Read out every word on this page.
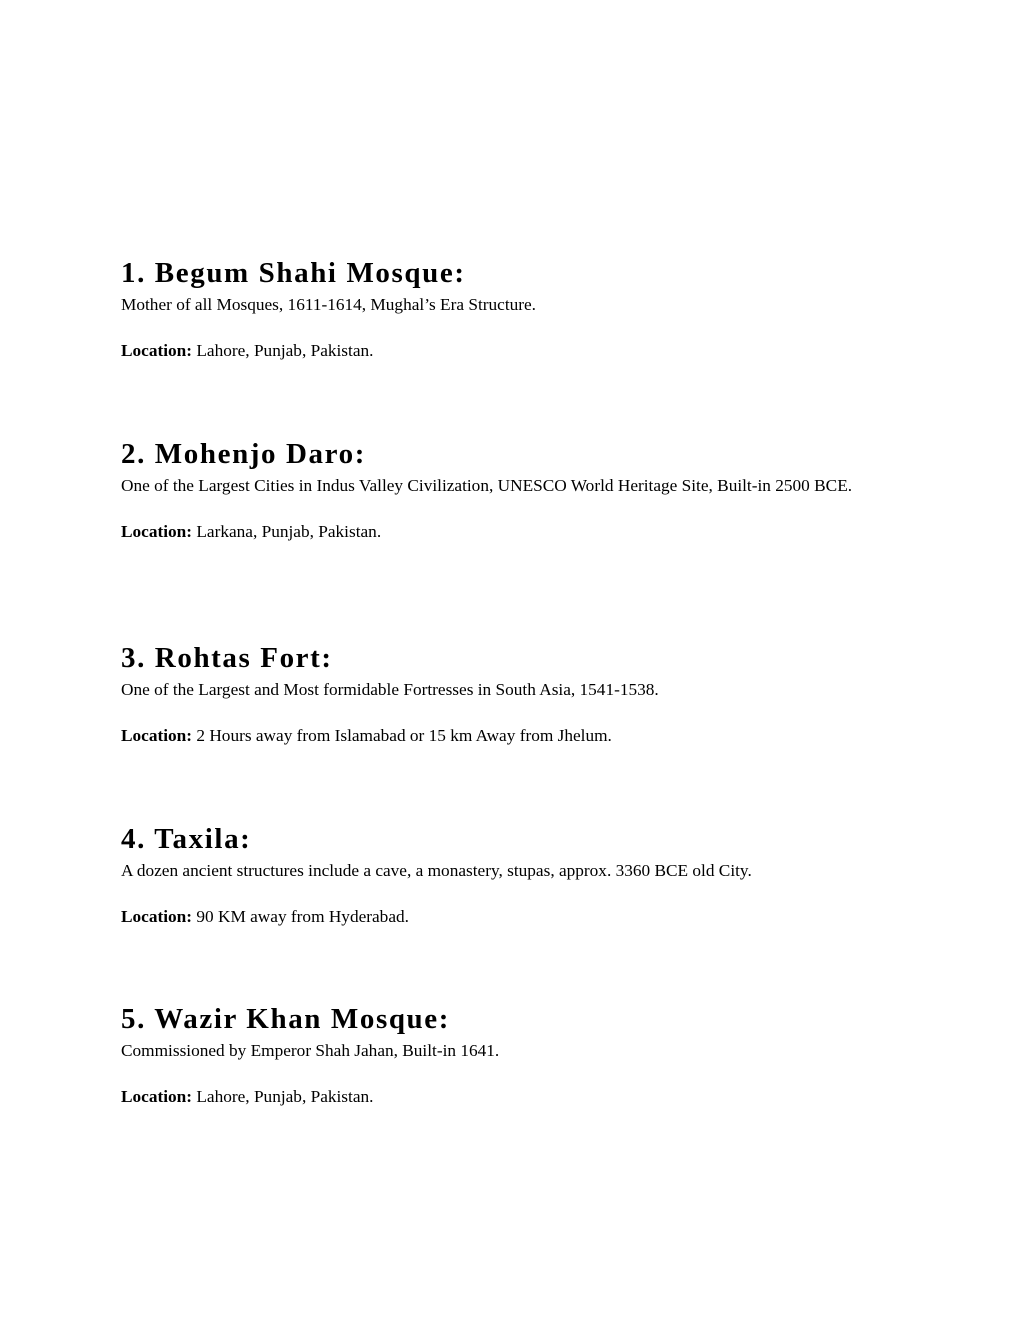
1. Begum Shahi Mosque:

Mother of all Mosques, 1611-1614, Mughal’s Era Structure.

Location: Lahore, Punjab, Pakistan.

2. Mohenjo Daro:

One of the Largest Cities in Indus Valley Civilization, UNESCO World Heritage Site, Built-in 2500 BCE.

Location: Larkana, Punjab, Pakistan.

3. Rohtas Fort:

One of the Largest and Most formidable Fortresses in South Asia, 1541-1538.

Location: 2 Hours away from Islamabad or 15 km Away from Jhelum.

4. Taxila:

A dozen ancient structures include a cave, a monastery, stupas, approx. 3360 BCE old City.

Location: 90 KM away from Hyderabad.

5. Wazir Khan Mosque:

Commissioned by Emperor Shah Jahan, Built-in 1641.

Location: Lahore, Punjab, Pakistan.
